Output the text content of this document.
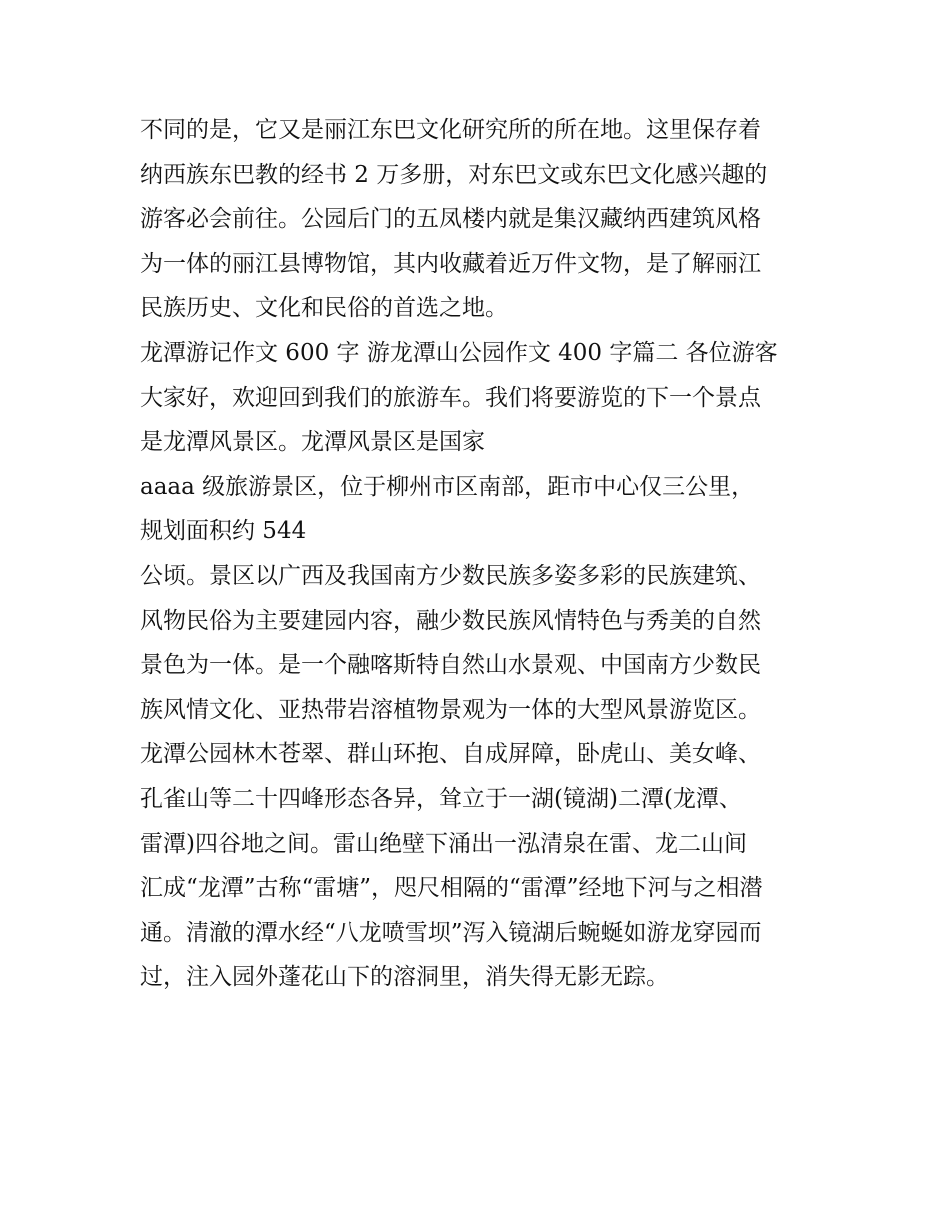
不同的是，它又是丽江东巴文化研究所的所在地。这里保存着
纳西族东巴教的经书 2 万多册，对东巴文或东巴文化感兴趣的
游客必会前往。公园后门的五凤楼内就是集汉藏纳西建筑风格
为一体的丽江县博物馆，其内收藏着近万件文物，是了解丽江
民族历史、文化和民俗的首选之地。
龙潭游记作文 600 字 游龙潭山公园作文 400 字篇二 各位游客
大家好，欢迎回到我们的旅游车。我们将要游览的下一个景点
是龙潭风景区。龙潭风景区是国家
aaaa 级旅游景区，位于柳州市区南部，距市中心仅三公里，
规划面积约 544
公顷。景区以广西及我国南方少数民族多姿多彩的民族建筑、
风物民俗为主要建园内容，融少数民族风情特色与秀美的自然
景色为一体。是一个融喀斯特自然山水景观、中国南方少数民
族风情文化、亚热带岩溶植物景观为一体的大型风景游览区。
龙潭公园林木苍翠、群山环抱、自成屏障，卧虎山、美女峰、
孔雀山等二十四峰形态各异，耸立于一湖(镜湖)二潭(龙潭、
雷潭)四谷地之间。雷山绝壁下涌出一泓清泉在雷、龙二山间
汇成“龙潭”古称“雷塘”，咫尺相隔的“雷潭”经地下河与之相潜
通。清澈的潭水经“八龙喷雪坝”泻入镜湖后蜿蜒如游龙穿园而
过，注入园外蓬花山下的溶洞里，消失得无影无踪。
